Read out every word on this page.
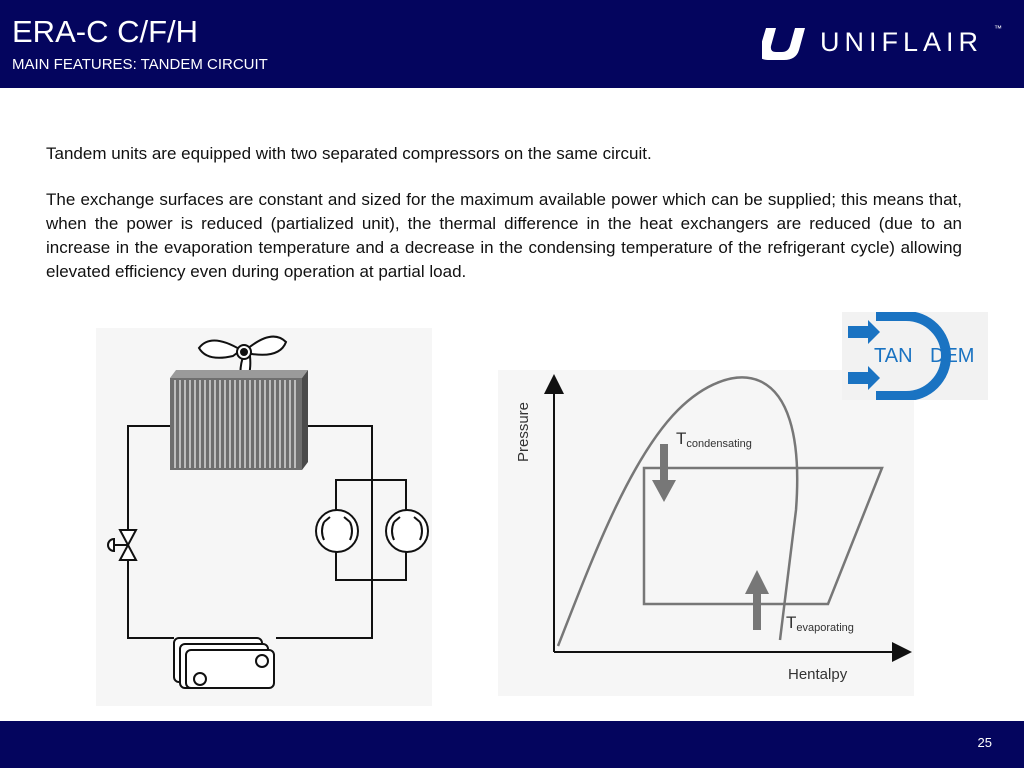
ERA-C C/F/H
MAIN FEATURES: TANDEM CIRCUIT
UNIFLAIR ™
Tandem units are equipped with two separated compressors on the same circuit.
The exchange surfaces are constant and sized for the maximum available power which can be supplied; this means that, when the power is reduced (partialized unit), the thermal difference in the heat exchangers are reduced (due to an increase in the evaporation temperature and a decrease in the condensing temperature of the refrigerant cycle) allowing elevated efficiency even during operation at partial load.
Pressure
Hentalpy
Tcondensating
Tevaporating
TAN DEM
25
